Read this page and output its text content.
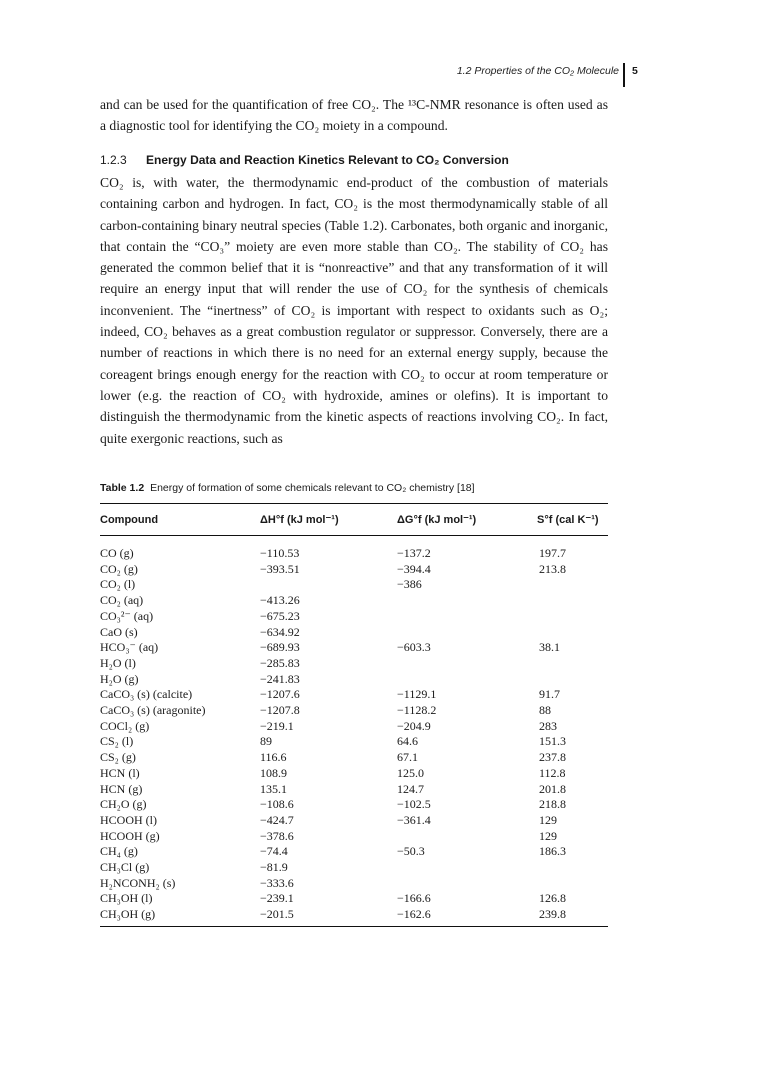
1.2 Properties of the CO₂ Molecule 5

and can be used for the quantification of free CO₂. The ¹³C-NMR resonance is often used as a diagnostic tool for identifying the CO₂ moiety in a compound.

1.2.3 Energy Data and Reaction Kinetics Relevant to CO₂ Conversion

CO₂ is, with water, the thermodynamic end-product of the combustion of materials containing carbon and hydrogen. In fact, CO₂ is the most thermodynamically stable of all carbon-containing binary neutral species (Table 1.2). Carbonates, both organic and inorganic, that contain the “CO₃” moiety are even more stable than CO₂. The stability of CO₂ has generated the common belief that it is “nonreactive” and that any transformation of it will require an energy input that will render the use of CO₂ for the synthesis of chemicals inconvenient. The “inertness” of CO₂ is important with respect to oxidants such as O₂; indeed, CO₂ behaves as a great combustion regulator or suppressor. Conversely, there are a number of reactions in which there is no need for an external energy supply, because the coreagent brings enough energy for the reaction with CO₂ to occur at room temperature or lower (e.g. the reaction of CO₂ with hydroxide, amines or olefins). It is important to distinguish the thermodynamic from the kinetic aspects of reactions involving CO₂. In fact, quite exergonic reactions, such as

Table 1.2 Energy of formation of some chemicals relevant to CO₂ chemistry [18]

Compound	ΔH°f (kJ mol⁻¹)	ΔG°f (kJ mol⁻¹)	S°f (cal K⁻¹)
CO (g)	−110.53	−137.2	197.7
CO₂ (g)	−393.51	−394.4	213.8
CO₂ (l)		−386	
CO₂ (aq)	−413.26		
CO₃²⁻ (aq)	−675.23		
CaO (s)	−634.92		
HCO₃⁻ (aq)	−689.93	−603.3	38.1
H₂O (l)	−285.83		
H₂O (g)	−241.83		
CaCO₃ (s) (calcite)	−1207.6	−1129.1	91.7
CaCO₃ (s) (aragonite)	−1207.8	−1128.2	88
COCl₂ (g)	−219.1	−204.9	283
CS₂ (l)	89	64.6	151.3
CS₂ (g)	116.6	67.1	237.8
HCN (l)	108.9	125.0	112.8
HCN (g)	135.1	124.7	201.8
CH₂O (g)	−108.6	−102.5	218.8
HCOOH (l)	−424.7	−361.4	129
HCOOH (g)	−378.6		129
CH₄ (g)	−74.4	−50.3	186.3
CH₃Cl (g)	−81.9		
H₂NCONH₂ (s)	−333.6		
CH₃OH (l)	−239.1	−166.6	126.8
CH₃OH (g)	−201.5	−162.6	239.8
